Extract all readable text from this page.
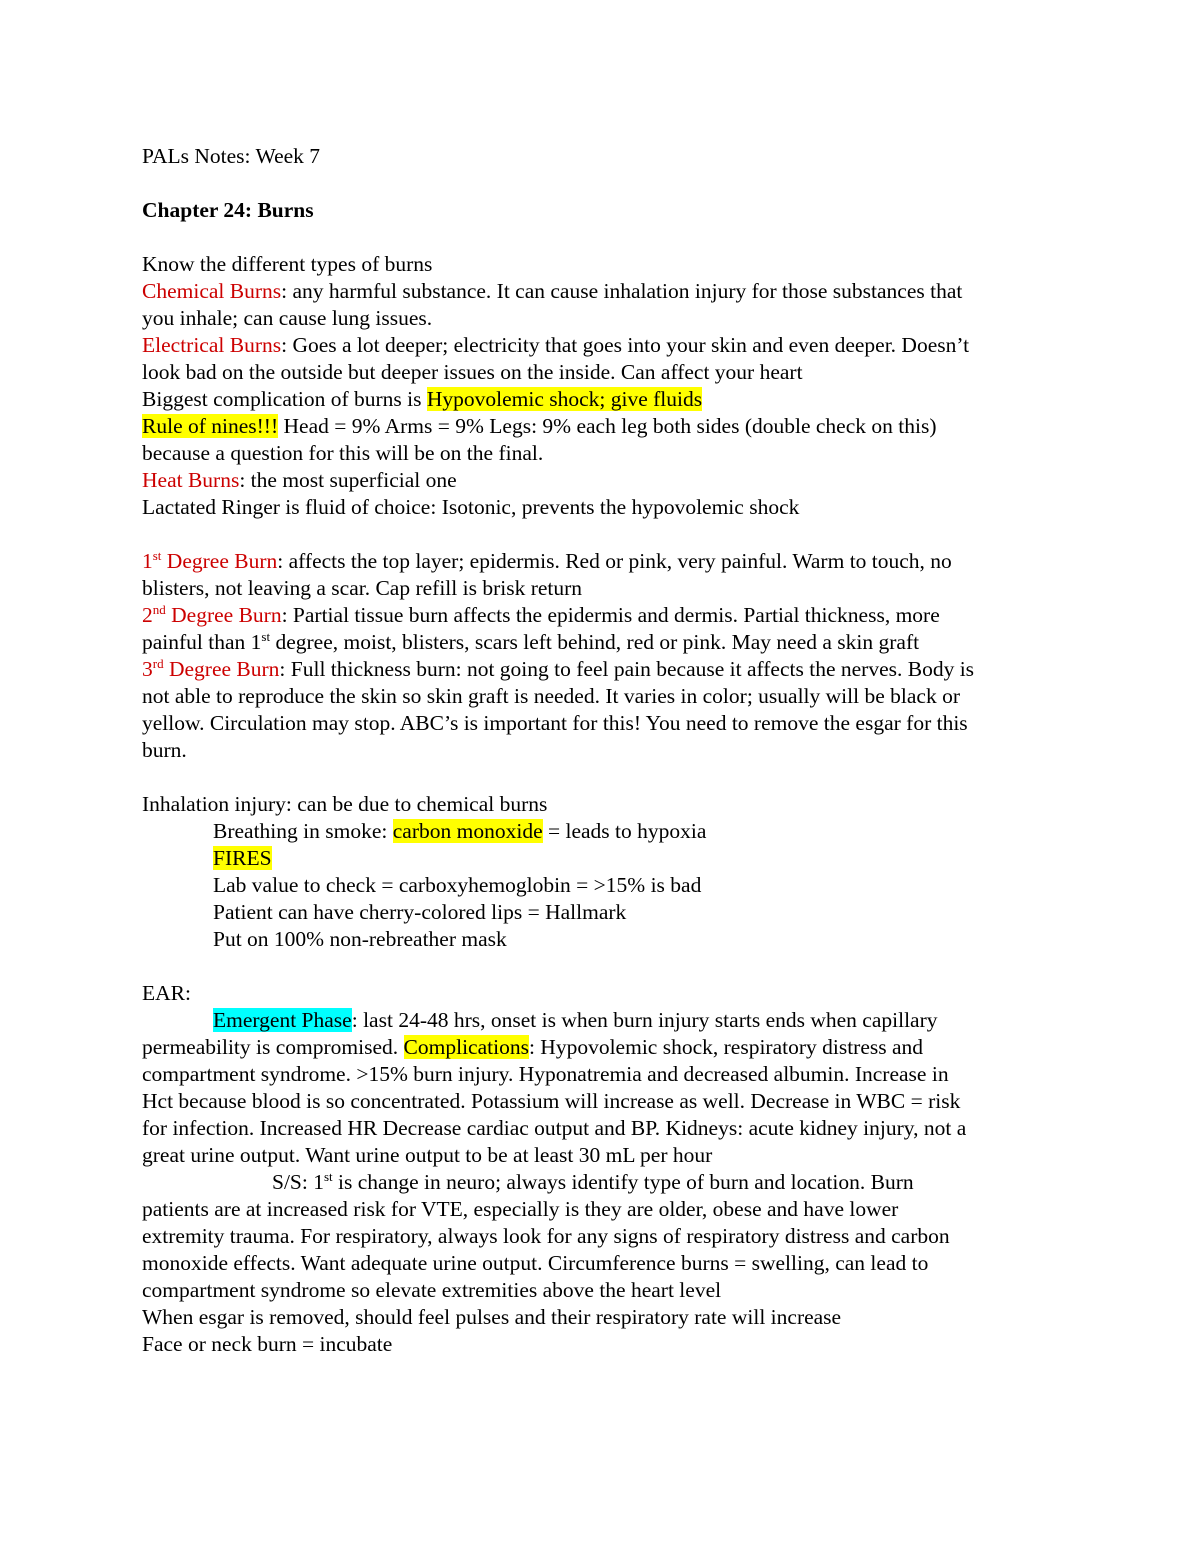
PALs Notes: Week 7
Chapter 24: Burns
Know the different types of burns
Chemical Burns: any harmful substance. It can cause inhalation injury for those substances that
you inhale; can cause lung issues.
Electrical Burns: Goes a lot deeper; electricity that goes into your skin and even deeper. Doesn’t
look bad on the outside but deeper issues on the inside. Can affect your heart
Biggest complication of burns is Hypovolemic shock; give fluids
Rule of nines!!! Head = 9% Arms = 9% Legs: 9% each leg both sides (double check on this)
because a question for this will be on the final.
Heat Burns: the most superficial one
Lactated Ringer is fluid of choice: Isotonic, prevents the hypovolemic shock
1st Degree Burn: affects the top layer; epidermis. Red or pink, very painful. Warm to touch, no
blisters, not leaving a scar. Cap refill is brisk return
2nd Degree Burn: Partial tissue burn affects the epidermis and dermis. Partial thickness, more
painful than 1st degree, moist, blisters, scars left behind, red or pink. May need a skin graft
3rd Degree Burn: Full thickness burn: not going to feel pain because it affects the nerves. Body is
not able to reproduce the skin so skin graft is needed. It varies in color; usually will be black or
yellow. Circulation may stop. ABC’s is important for this! You need to remove the esgar for this
burn.
Inhalation injury: can be due to chemical burns
Breathing in smoke: carbon monoxide = leads to hypoxia
FIRES
Lab value to check = carboxyhemoglobin = >15% is bad
Patient can have cherry-colored lips = Hallmark
Put on 100% non-rebreather mask
EAR:
Emergent Phase: last 24-48 hrs, onset is when burn injury starts ends when capillary
permeability is compromised. Complications: Hypovolemic shock, respiratory distress and
compartment syndrome. >15% burn injury. Hyponatremia and decreased albumin. Increase in
Hct because blood is so concentrated. Potassium will increase as well. Decrease in WBC = risk
for infection. Increased HR Decrease cardiac output and BP. Kidneys: acute kidney injury, not a
great urine output. Want urine output to be at least 30 mL per hour
S/S: 1st is change in neuro; always identify type of burn and location. Burn
patients are at increased risk for VTE, especially is they are older, obese and have lower
extremity trauma. For respiratory, always look for any signs of respiratory distress and carbon
monoxide effects. Want adequate urine output. Circumference burns = swelling, can lead to
compartment syndrome so elevate extremities above the heart level
When esgar is removed, should feel pulses and their respiratory rate will increase
Face or neck burn = incubate
